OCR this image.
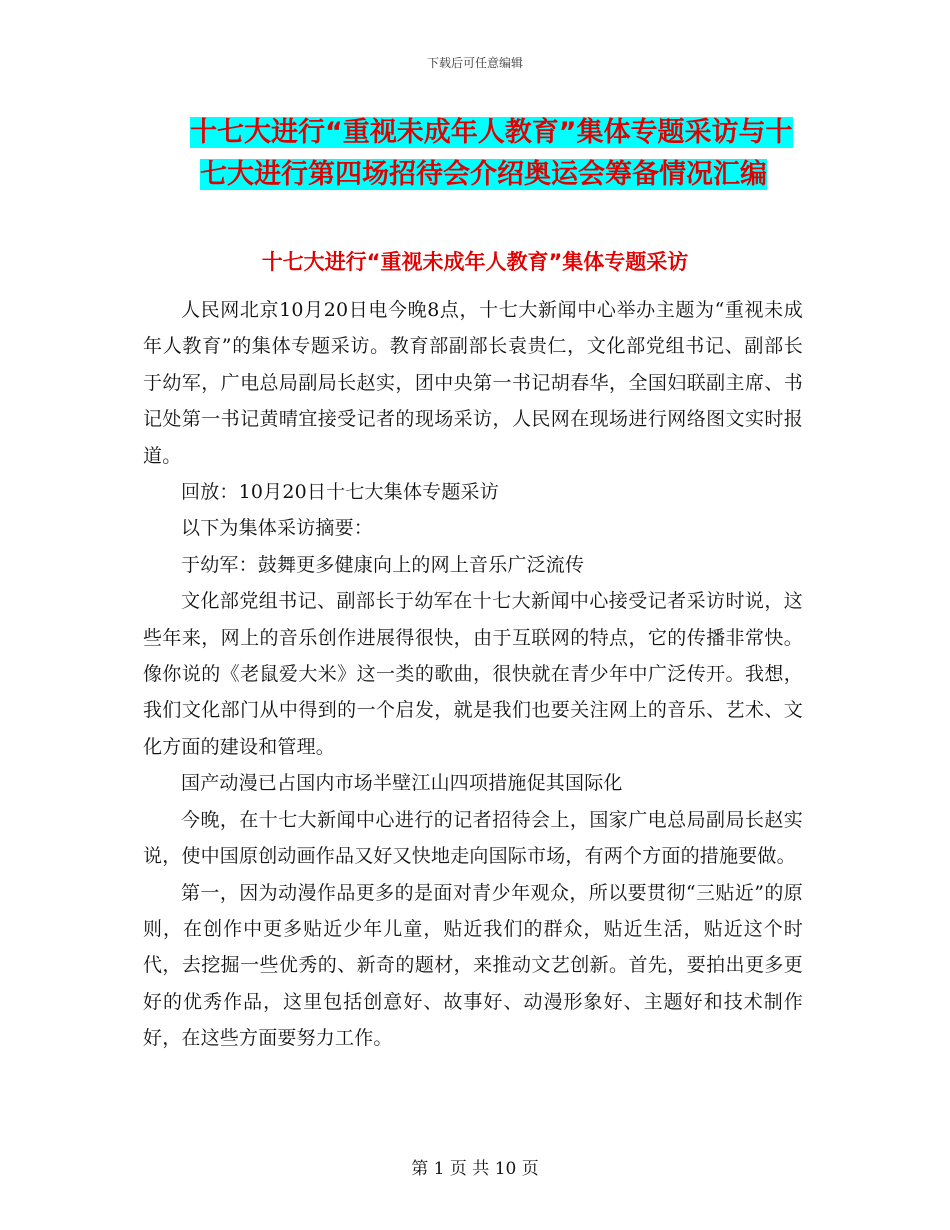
下载后可任意编辑
十七大进行“重视未成年人教育”集体专题采访与十
七大进行第四场招待会介绍奥运会筹备情况汇编
十七大进行“重视未成年人教育”集体专题采访

人民网北京10月20日电今晚8点，十七大新闻中心举办主题为“重视未成年人教育”的集体专题采访。教育部副部长袁贵仁，文化部党组书记、副部长于幼军，广电总局副局长赵实，团中央第一书记胡春华，全国妇联副主席、书记处第一书记黄晴宜接受记者的现场采访，人民网在现场进行网络图文实时报道。

回放：10月20日十七大集体专题采访

以下为集体采访摘要：

于幼军：鼓舞更多健康向上的网上音乐广泛流传

文化部党组书记、副部长于幼军在十七大新闻中心接受记者采访时说，这些年来，网上的音乐创作进展得很快，由于互联网的特点，它的传播非常快。像你说的《老鼠爱大米》这一类的歌曲，很快就在青少年中广泛传开。我想，我们文化部门从中得到的一个启发，就是我们也要关注网上的音乐、艺术、文化方面的建设和管理。

国产动漫已占国内市场半壁江山四项措施促其国际化

今晚，在十七大新闻中心进行的记者招待会上，国家广电总局副局长赵实说，使中国原创动画作品又好又快地走向国际市场，有两个方面的措施要做。

第一，因为动漫作品更多的是面对青少年观众，所以要贯彻“三贴近”的原则，在创作中更多贴近少年儿童，贴近我们的群众，贴近生活，贴近这个时代，去挖掘一些优秀的、新奇的题材，来推动文艺创新。首先，要拍出更多更好的优秀作品，这里包括创意好、故事好、动漫形象好、主题好和技术制作好，在这些方面要努力工作。

第 1 页 共 10 页
